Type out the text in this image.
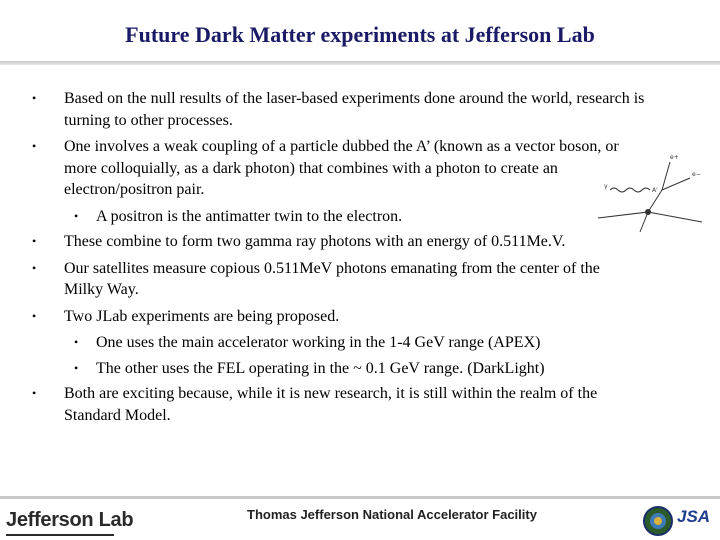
Future Dark Matter experiments at Jefferson Lab
• Based on the null results of the laser-based experiments done around the world, research is turning to other processes.
• One involves a weak coupling of a particle dubbed the A’ (known as a vector boson, or more colloquially, as a dark photon) that combines with a photon to create an electron/positron pair.
• A positron is the antimatter twin to the electron.
• These combine to form two gamma ray photons with an energy of 0.511Me.V.
• Our satellites measure copious 0.511MeV photons emanating from the center of the Milky Way.
• Two JLab experiments are being proposed.
• One uses the main accelerator working in the 1-4 GeV range (APEX)
• The other uses the FEL operating in the ~ 0.1 GeV range. (DarkLight)
• Both are exciting because, while it is new research, it is still within the realm of the Standard Model.
A'
γ
e+
e−
Jefferson Lab	Thomas Jefferson National Accelerator Facility	JSA
